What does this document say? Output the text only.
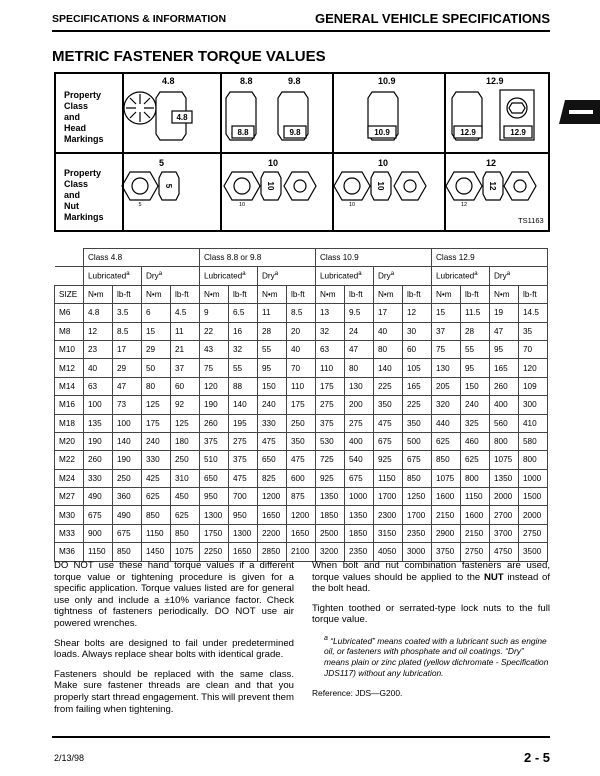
SPECIFICATIONS & INFORMATION	GENERAL VEHICLE SPECIFICATIONS
METRIC FASTENER TORQUE VALUES
Property
Class
and
Head
Markings
Property
Class
and
Nut
Markings
4.8	8.8	9.8	10.9	12.9
5	10	10	12
4.8
8.8	9.8	10.9	12.9	12.9
5	10	10	12
5	10	10	12
TS1163
	Class 4.8				Class 8.8 or 9.8				Class 10.9				Class 12.9			
	Lubricated$^a$		Dry$^a$		Lubricated$^a$		Dry$^a$		Lubricated$^a$		Dry$^a$		Lubricated$^a$		Dry$^a$
SIZE	N•m	lb-ft	N•m	lb-ft	N•m	lb-ft	N•m	lb-ft	N•m	lb-ft	N•m	lb-ft	N•m	lb-ft	N•m	lb-ft
M6	4.8	3.5	6	4.5	9	6.5	11	8.5	13	9.5	17	12	15	11.5	19	14.5
M8	12	8.5	15	11	22	16	28	20	32	24	40	30	37	28	47	35
M10	23	17	29	21	43	32	55	40	63	47	80	60	75	55	95	70
M12	40	29	50	37	75	55	95	70	110	80	140	105	130	95	165	120
M14	63	47	80	60	120	88	150	110	175	130	225	165	205	150	260	109
M16	100	73	125	92	190	140	240	175	275	200	350	225	320	240	400	300
M18	135	100	175	125	260	195	330	250	375	275	475	350	440	325	560	410
M20	190	140	240	180	375	275	475	350	530	400	675	500	625	460	800	580
M22	260	190	330	250	510	375	650	475	725	540	925	675	850	625	1075	800
M24	330	250	425	310	650	475	825	600	925	675	1150	850	1075	800	1350	1000
M27	490	360	625	450	950	700	1200	875	1350	1000	1700	1250	1600	1150	2000	1500
M30	675	490	850	625	1300	950	1650	1200	1850	1350	2300	1700	2150	1600	2700	2000
M33	900	675	1150	850	1750	1300	2200	1650	2500	1850	3150	2350	2900	2150	3700	2750
M36	1150	850	1450	1075	2250	1650	2850	2100	3200	2350	4050	3000	3750	2750	4750	3500

DO NOT use these hand torque values if a different torque value or tightening procedure is given for a specific application. Torque values listed are for general use only and include a ±10% variance factor. Check tightness of fasteners periodically. DO NOT use air powered wrenches.

Shear bolts are designed to fail under predetermined loads. Always replace shear bolts with identical grade.

Fasteners should be replaced with the same class. Make sure fastener threads are clean and that you properly start thread engagement. This will prevent them from failing when tightening.

When bolt and nut combination fasteners are used, torque values should be applied to the NUT instead of the bolt head.

Tighten toothed or serrated-type lock nuts to the full torque value.

$^a$ “Lubricated” means coated with a lubricant such as engine oil, or fasteners with phosphate and oil coatings. “Dry” means plain or zinc plated (yellow dichromate - Specification JDS117) without any lubrication.
Reference: JDS—G200.
2/13/98	2 - 5
